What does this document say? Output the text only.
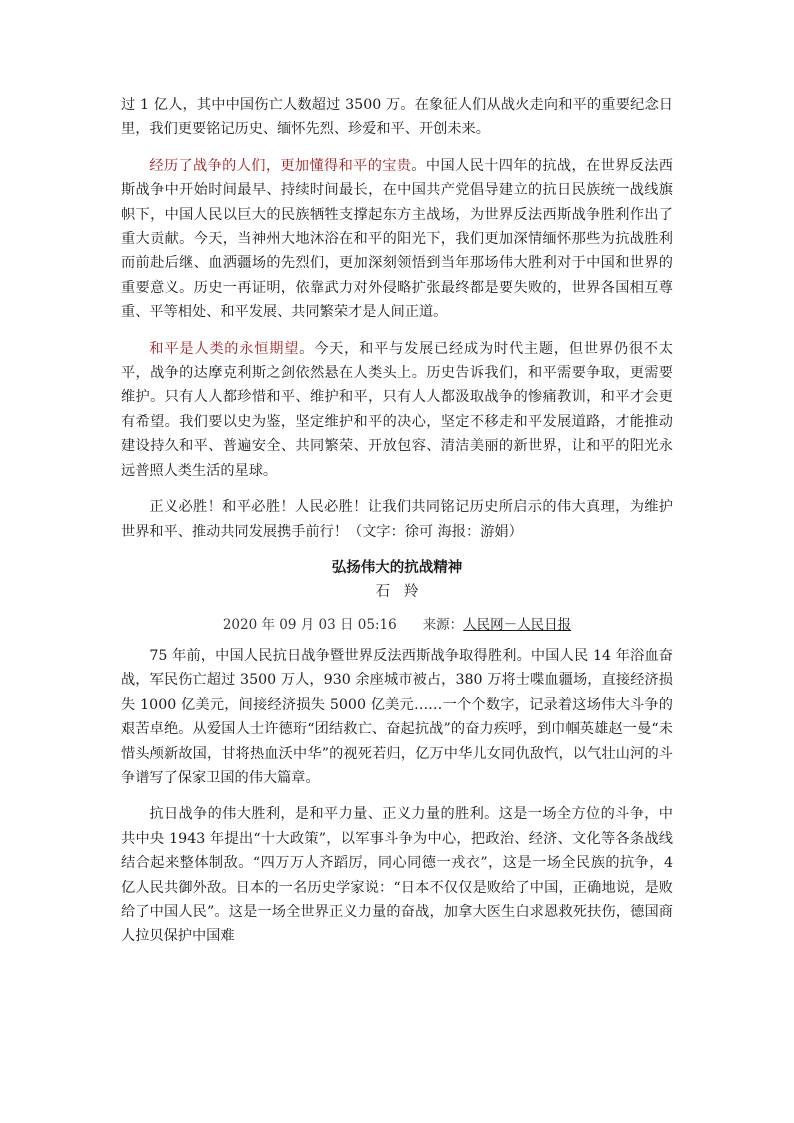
过 1 亿人，其中中国伤亡人数超过 3500 万。在象征人们从战火走向和平的重要纪念日里，我们更要铭记历史、缅怀先烈、珍爱和平、开创未来。

经历了战争的人们，更加懂得和平的宝贵。中国人民十四年的抗战，在世界反法西斯战争中开始时间最早、持续时间最长，在中国共产党倡导建立的抗日民族统一战线旗帜下，中国人民以巨大的民族牺牲支撑起东方主战场，为世界反法西斯战争胜利作出了重大贡献。今天，当神州大地沐浴在和平的阳光下，我们更加深情缅怀那些为抗战胜利而前赴后继、血洒疆场的先烈们，更加深刻领悟到当年那场伟大胜利对于中国和世界的重要意义。历史一再证明，依靠武力对外侵略扩张最终都是要失败的，世界各国相互尊重、平等相处、和平发展、共同繁荣才是人间正道。

和平是人类的永恒期望。今天，和平与发展已经成为时代主题，但世界仍很不太平，战争的达摩克利斯之剑依然悬在人类头上。历史告诉我们，和平需要争取，更需要维护。只有人人都珍惜和平、维护和平，只有人人都汲取战争的惨痛教训，和平才会更有希望。我们要以史为鉴，坚定维护和平的决心，坚定不移走和平发展道路，才能推动建设持久和平、普遍安全、共同繁荣、开放包容、清洁美丽的新世界，让和平的阳光永远普照人类生活的星球。

正义必胜！和平必胜！人民必胜！让我们共同铭记历史所启示的伟大真理，为维护世界和平、推动共同发展携手前行！（文字：徐可 海报：游娟）

弘扬伟大的抗战精神

石   羚

2020 年 09 月 03 日 05:16 来源：人民网－人民日报

75 年前，中国人民抗日战争暨世界反法西斯战争取得胜利。中国人民 14 年浴血奋战，军民伤亡超过 3500 万人，930 余座城市被占，380 万将士喋血疆场，直接经济损失 1000 亿美元，间接经济损失 5000 亿美元……一个个数字，记录着这场伟大斗争的艰苦卓绝。从爱国人士许德珩“团结救亡、奋起抗战”的奋力疾呼，到巾帼英雄赵一曼“未惜头颅新故国，甘将热血沃中华”的视死若归，亿万中华儿女同仇敌忾，以气壮山河的斗争谱写了保家卫国的伟大篇章。

抗日战争的伟大胜利，是和平力量、正义力量的胜利。这是一场全方位的斗争，中共中央 1943 年提出“十大政策”，以军事斗争为中心，把政治、经济、文化等各条战线结合起来整体制敌。“四万万人齐蹈厉，同心同德一戎衣”，这是一场全民族的抗争，4 亿人民共御外敌。日本的一名历史学家说：“日本不仅仅是败给了中国，正确地说，是败给了中国人民”。这是一场全世界正义力量的奋战，加拿大医生白求恩救死扶伤，德国商人拉贝保护中国难
